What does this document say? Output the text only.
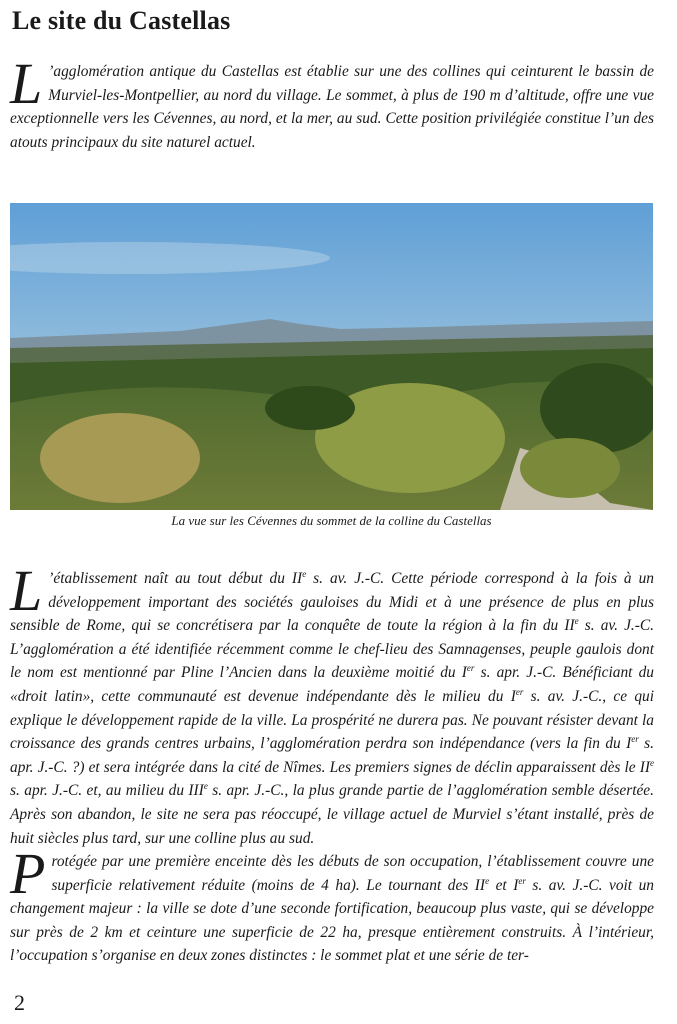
Le site du Castellas

L ’agglomération antique du Castellas est établie sur une des collines qui ceinturent le bassin de Murviel-les-Montpellier, au nord du village. Le sommet, à plus de 190 m d’altitude, offre une vue exceptionnelle vers les Cévennes, au nord, et la mer, au sud. Cette position privilégiée constitue l’un des atouts principaux du site naturel actuel.

La vue sur les Cévennes du sommet de la colline du Castellas

L ’établissement naît au tout début du IIe s. av. J.-C. Cette période correspond à la fois à un développement important des sociétés gauloises du Midi et à une présence de plus en plus sensible de Rome, qui se concrétisera par la conquête de toute la région à la fin du IIe s. av. J.-C. L’agglomération a été identifiée récemment comme le chef-lieu des Samnagenses, peuple gaulois dont le nom est mentionné par Pline l’Ancien dans la deuxième moitié du Ier s. apr. J.-C. Bénéficiant du «droit latin», cette communauté est devenue indépendante dès le milieu du Ier s. av. J.-C., ce qui explique le développement rapide de la ville. La prospérité ne durera pas. Ne pouvant résister devant la croissance des grands centres urbains, l’agglomération perdra son indépendance (vers la fin du Ier s. apr. J.-C. ?) et sera intégrée dans la cité de Nîmes. Les premiers signes de déclin apparaissent dès le IIe s. apr. J.-C. et, au milieu du IIIe s. apr. J.-C., la plus grande partie de l’agglomération semble désertée. Après son abandon, le site ne sera pas réoccupé, le village actuel de Murviel s’étant installé, près de huit siècles plus tard, sur une colline plus au sud.

Protégée par une première enceinte dès les débuts de son occupation, l’établissement couvre une superficie relativement réduite (moins de 4 ha). Le tournant des IIe et Ier s. av. J.-C. voit un changement majeur : la ville se dote d’une seconde fortification, beaucoup plus vaste, qui se développe sur près de 2 km et ceinture une superficie de 22 ha, presque entièrement construits. À l’intérieur, l’occupation s’organise en deux zones distinctes : le sommet plat et une série de ter-

2
